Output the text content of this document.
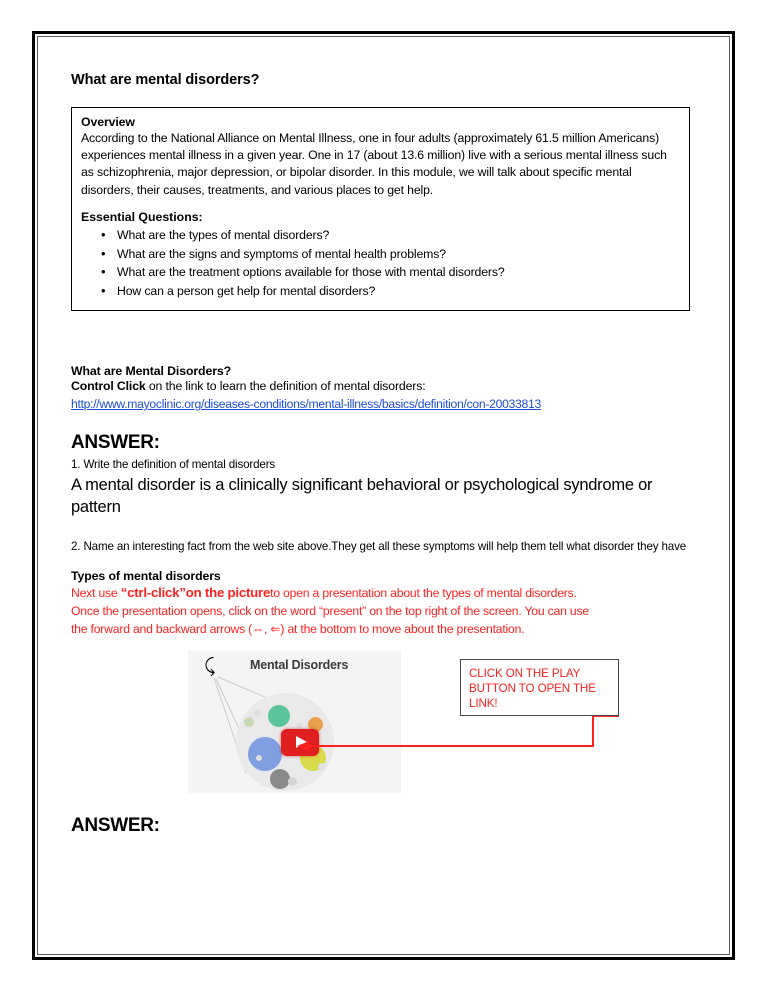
What are mental disorders?
Overview

According to the National Alliance on Mental Illness, one in four adults (approximately 61.5 million Americans) experiences mental illness in a given year. One in 17 (about 13.6 million) live with a serious mental illness such as schizophrenia, major depression, or bipolar disorder. In this module, we will talk about specific mental disorders, their causes, treatments, and various places to get help.

Essential Questions:
• What are the types of mental disorders?
• What are the signs and symptoms of mental health problems?
• What are the treatment options available for those with mental disorders?
• How can a person get help for mental disorders?
What are Mental Disorders?

Control Click on the link to learn the definition of mental disorders:

http://www.mayoclinic.org/diseases-conditions/mental-illness/basics/definition/con-20033813
ANSWER:

1. Write the definition of mental disorders

A mental disorder is a clinically significant behavioral or psychological syndrome or pattern

2. Name an interesting fact from the web site above.They get all these symptoms will help them tell what disorder they have

Types of mental disorders

Next use “ctrl-click”on the pictureto open a presentation about the types of mental disorders.

Once the presentation opens, click on the word “present” on the top right of the screen. You can use

the forward and backward arrows (⇔, ⇐) at the bottom to move about the presentation.

⤹	Mental Disorders

CLICK ON THE PLAY

BUTTON TO OPEN THE

LINK!

ANSWER:
